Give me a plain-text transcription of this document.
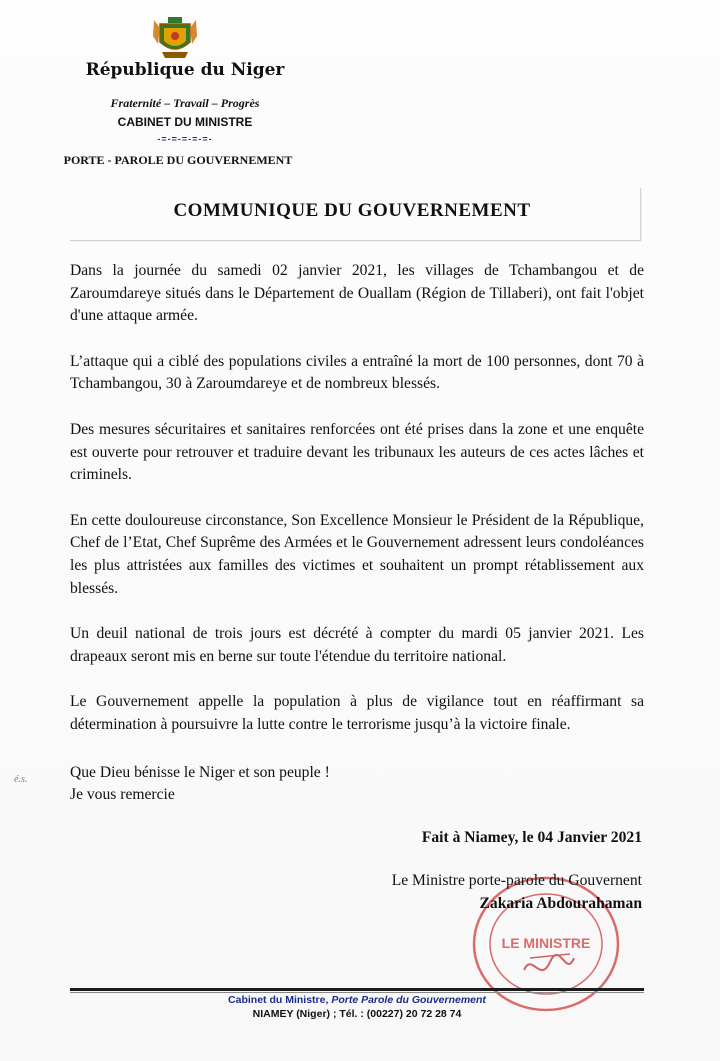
République du Niger
Fraternité – Travail – Progrès
CABINET DU MINISTRE
-=-=-=-=-=-
PORTE - PAROLE DU GOUVERNEMENT
COMMUNIQUE DU GOUVERNEMENT

Dans la journée du samedi 02 janvier 2021, les villages de Tchambangou et de Zaroumdareye situés dans le Département de Ouallam (Région de Tillaberi), ont fait l'objet d'une attaque armée.

L’attaque qui a ciblé des populations civiles a entraîné la mort de 100 personnes, dont 70 à Tchambangou, 30 à Zaroumdareye et de nombreux blessés.

Des mesures sécuritaires et sanitaires renforcées ont été prises dans la zone et une enquête est ouverte pour retrouver et traduire devant les tribunaux les auteurs de ces actes lâches et criminels.

En cette douloureuse circonstance, Son Excellence Monsieur le Président de la République, Chef de l’Etat, Chef Suprême des Armées et le Gouvernement adressent leurs condoléances les plus attristées aux familles des victimes et souhaitent un prompt rétablissement aux blessés.

Un deuil national de trois jours est décrété à compter du mardi 05 janvier 2021. Les drapeaux seront mis en berne sur toute l'étendue du territoire national.

Le Gouvernement appelle la population à plus de vigilance tout en réaffirmant sa détermination à poursuivre la lutte contre le terrorisme jusqu’à la victoire finale.

é.s.	Que Dieu bénisse le Niger et son peuple !
Je vous remercie
Fait à Niamey, le 04 Janvier 2021
LE MINISTRE
Le Ministre porte-parole du Gouvernent
Zakaria Abdourahaman
Cabinet du Ministre, Porte Parole du Gouvernement
NIAMEY (Niger) ; Tél. : (00227) 20 72 28 74
